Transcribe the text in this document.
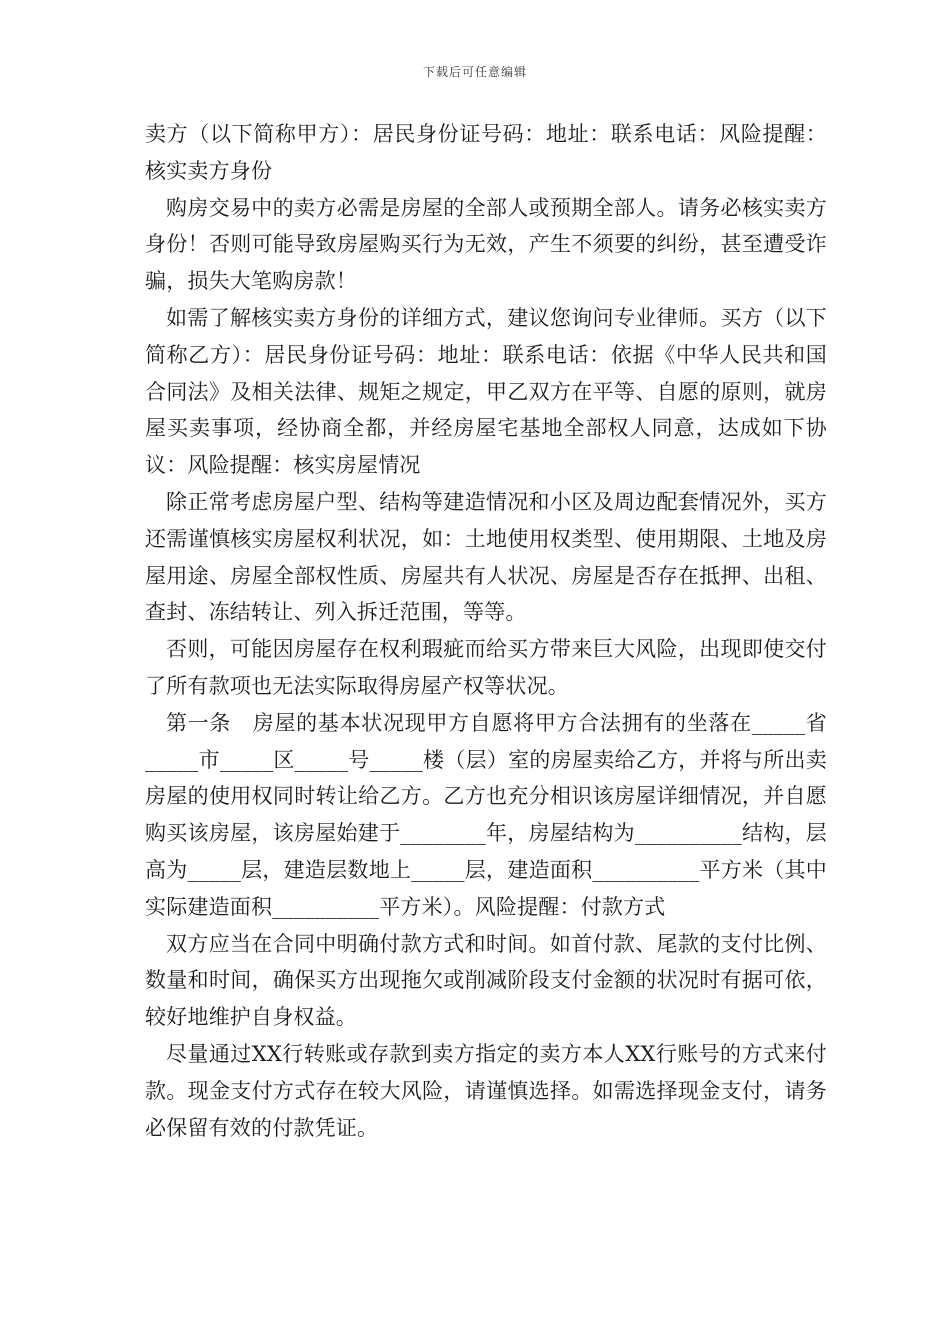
下载后可任意编辑

卖方（以下简称甲方）：居民身份证号码：地址：联系电话：风险提醒：核实卖方身份

购房交易中的卖方必需是房屋的全部人或预期全部人。请务必核实卖方身份！否则可能导致房屋购买行为无效，产生不须要的纠纷，甚至遭受诈骗，损失大笔购房款！

如需了解核实卖方身份的详细方式，建议您询问专业律师。买方（以下简称乙方）：居民身份证号码：地址：联系电话：依据《中华人民共和国合同法》及相关法律、规矩之规定，甲乙双方在平等、自愿的原则，就房屋买卖事项，经协商全都，并经房屋宅基地全部权人同意，达成如下协议：风险提醒：核实房屋情况

除正常考虑房屋户型、结构等建造情况和小区及周边配套情况外，买方还需谨慎核实房屋权利状况，如：土地使用权类型、使用期限、土地及房屋用途、房屋全部权性质、房屋共有人状况、房屋是否存在抵押、出租、查封、冻结转让、列入拆迁范围，等等。

否则，可能因房屋存在权利瑕疵而给买方带来巨大风险，出现即使交付了所有款项也无法实际取得房屋产权等状况。

第一条　房屋的基本状况现甲方自愿将甲方合法拥有的坐落在_____省_____市_____区_____号_____楼（层）室的房屋卖给乙方，并将与所出卖房屋的使用权同时转让给乙方。乙方也充分相识该房屋详细情况，并自愿购买该房屋，该房屋始建于________年，房屋结构为__________结构，层高为_____层，建造层数地上_____层，建造面积__________平方米（其中实际建造面积__________平方米）。风险提醒：付款方式

双方应当在合同中明确付款方式和时间。如首付款、尾款的支付比例、数量和时间，确保买方出现拖欠或削减阶段支付金额的状况时有据可依，较好地维护自身权益。

尽量通过XX行转账或存款到卖方指定的卖方本人XX行账号的方式来付款。现金支付方式存在较大风险，请谨慎选择。如需选择现金支付，请务必保留有效的付款凭证。
